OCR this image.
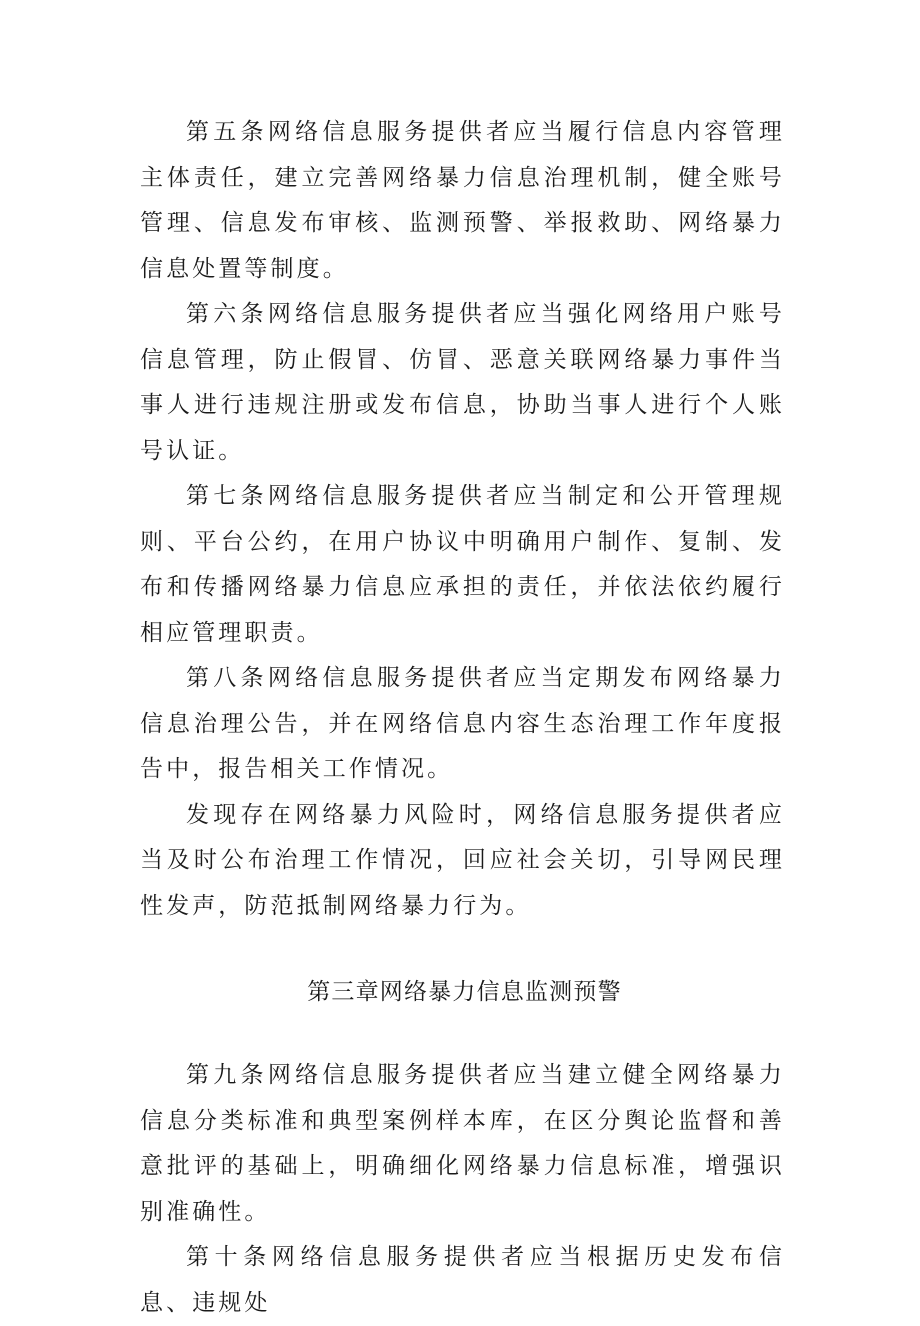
第五条网络信息服务提供者应当履行信息内容管理主体责任，建立完善网络暴力信息治理机制，健全账号管理、信息发布审核、监测预警、举报救助、网络暴力信息处置等制度。

第六条网络信息服务提供者应当强化网络用户账号信息管理，防止假冒、仿冒、恶意关联网络暴力事件当事人进行违规注册或发布信息，协助当事人进行个人账号认证。

第七条网络信息服务提供者应当制定和公开管理规则、平台公约，在用户协议中明确用户制作、复制、发布和传播网络暴力信息应承担的责任，并依法依约履行相应管理职责。

第八条网络信息服务提供者应当定期发布网络暴力信息治理公告，并在网络信息内容生态治理工作年度报告中，报告相关工作情况。

发现存在网络暴力风险时，网络信息服务提供者应当及时公布治理工作情况，回应社会关切，引导网民理性发声，防范抵制网络暴力行为。

第三章网络暴力信息监测预警

第九条网络信息服务提供者应当建立健全网络暴力信息分类标准和典型案例样本库，在区分舆论监督和善意批评的基础上，明确细化网络暴力信息标准，增强识别准确性。

第十条网络信息服务提供者应当根据历史发布信息、违规处
